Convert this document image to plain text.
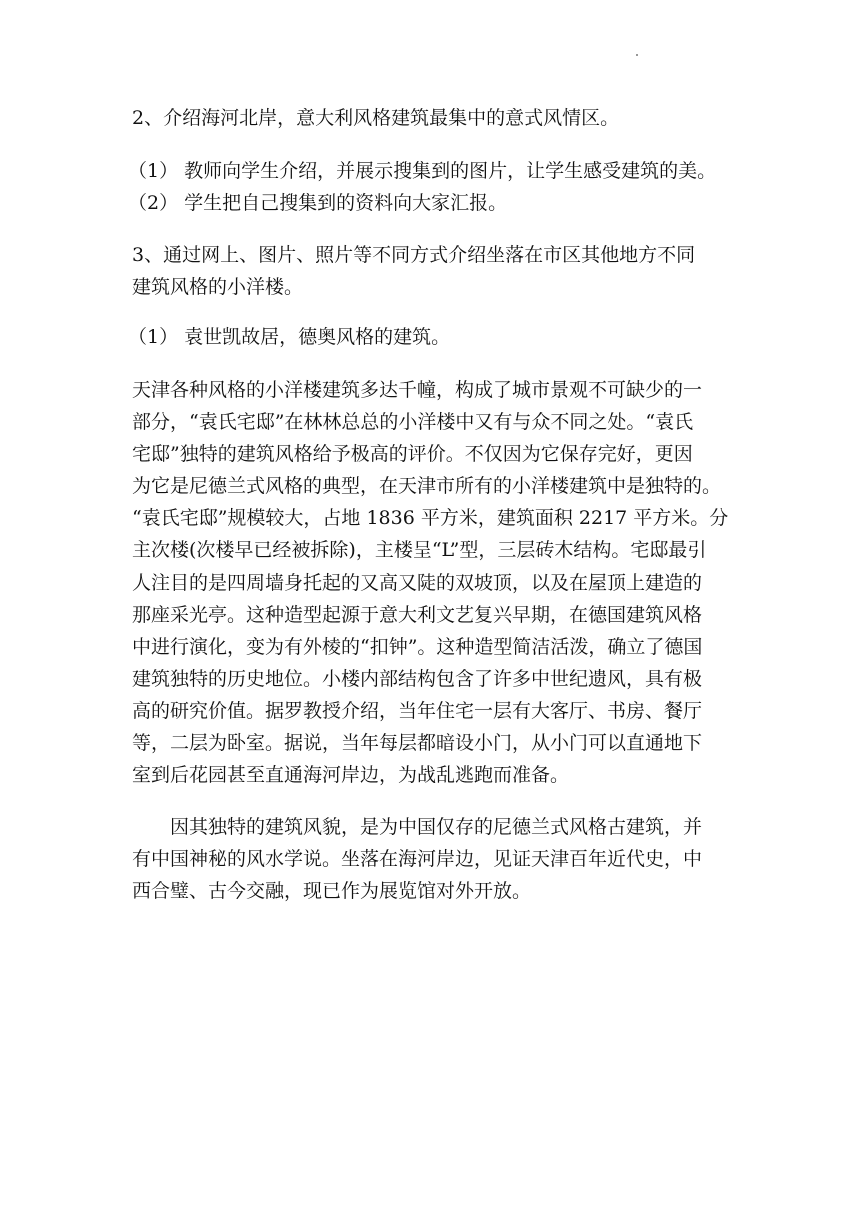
2、介绍海河北岸，意大利风格建筑最集中的意式风情区。

（1） 教师向学生介绍，并展示搜集到的图片，让学生感受建筑的美。

（2） 学生把自己搜集到的资料向大家汇报。

3、通过网上、图片、照片等不同方式介绍坐落在市区其他地方不同
建筑风格的小洋楼。

（1） 袁世凯故居，德奥风格的建筑。

天津各种风格的小洋楼建筑多达千幢，构成了城市景观不可缺少的一
部分，“袁氏宅邸”在林林总总的小洋楼中又有与众不同之处。“袁氏
宅邸”独特的建筑风格给予极高的评价。不仅因为它保存完好，更因
为它是尼德兰式风格的典型，在天津市所有的小洋楼建筑中是独特的。
“袁氏宅邸”规模较大，占地 1836 平方米，建筑面积 2217 平方米。分
主次楼(次楼早已经被拆除)，主楼呈“L”型，三层砖木结构。宅邸最引
人注目的是四周墙身托起的又高又陡的双坡顶，以及在屋顶上建造的
那座采光亭。这种造型起源于意大利文艺复兴早期，在德国建筑风格
中进行演化，变为有外棱的“扣钟”。这种造型简洁活泼，确立了德国
建筑独特的历史地位。小楼内部结构包含了许多中世纪遗风，具有极
高的研究价值。据罗教授介绍，当年住宅一层有大客厅、书房、餐厅
等，二层为卧室。据说，当年每层都暗设小门，从小门可以直通地下
室到后花园甚至直通海河岸边，为战乱逃跑而准备。

因其独特的建筑风貌，是为中国仅存的尼德兰式风格古建筑，并
有中国神秘的风水学说。坐落在海河岸边，见证天津百年近代史，中
西合璧、古今交融，现已作为展览馆对外开放。
